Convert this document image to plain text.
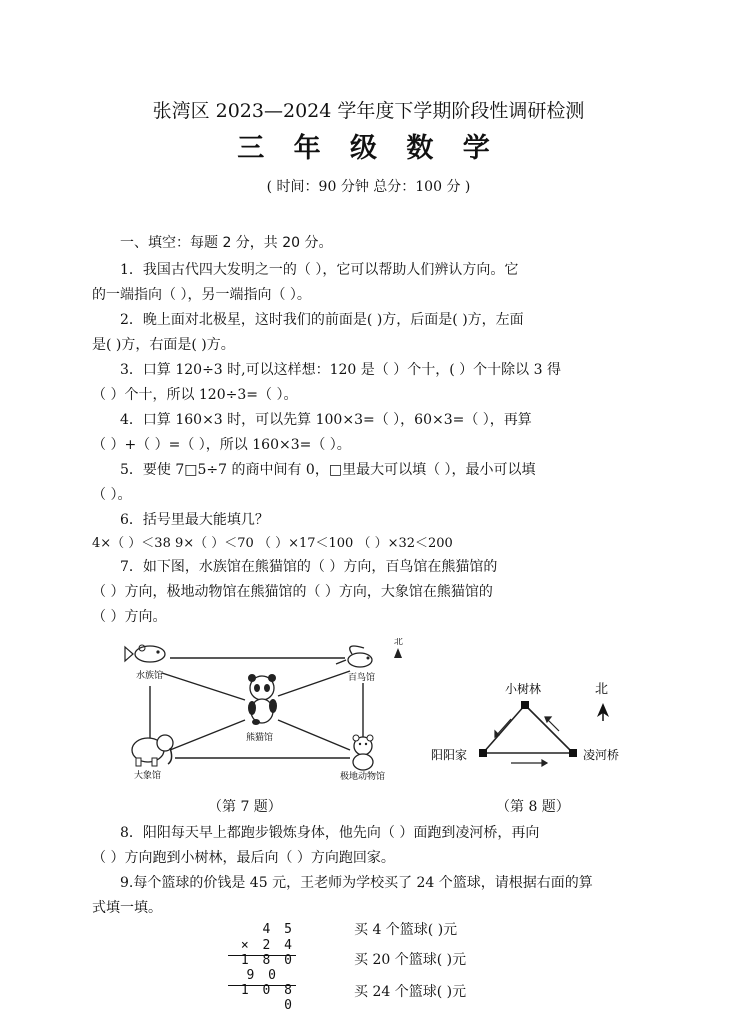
张湾区 2023—2024 学年度下学期阶段性调研检测
三 年 级 数 学
( 时间：90 分钟 总分：100 分 )
一、填空：每题 2 分，共 20 分。
1．我国古代四大发明之一的（ ），它可以帮助人们辨认方向。它
的一端指向（ ），另一端指向（ ）。
2．晚上面对北极星，这时我们的前面是( )方，后面是( )方，左面
是( )方，右面是( )方。
3．口算 120÷3 时,可以这样想：120 是（ ）个十，( ）个十除以 3 得
（ ）个十，所以 120÷3=（ ）。
4．口算 160×3 时，可以先算 100×3=（ ），60×3=（ ），再算
（ ）+（ ）=（ ），所以 160×3=（ ）。
5．要使 7□5÷7 的商中间有 0，□里最大可以填（ ），最小可以填
（ ）。
6．括号里最大能填几？
4×（ ）＜38 9×（ ）＜70 （ ）×17＜100 （ ）×32＜200
7．如下图，水族馆在熊猫馆的（ ）方向，百鸟馆在熊猫馆的
（ ）方向，极地动物馆在熊猫馆的（ ）方向，大象馆在熊猫馆的
（ ）方向。
北
水族馆	百鸟馆
熊猫馆
大象馆	极地动物馆
北
小树林
阳阳家	凌河桥
（第 7 题）	（第 8 题）
8．阳阳每天早上都跑步锻炼身体，他先向（ ）面跑到凌河桥，再向
（ ）方向跑到小树林，最后向（ ）方向跑回家。
9.每个篮球的价钱是 45 元，王老师为学校买了 24 个篮球，请根据右面的算
式填一填。
4 5
× 2 4
1 8 0
9 0
1 0 8 0
买 4 个篮球( )元
买 20 个篮球( )元
买 24 个篮球( )元
